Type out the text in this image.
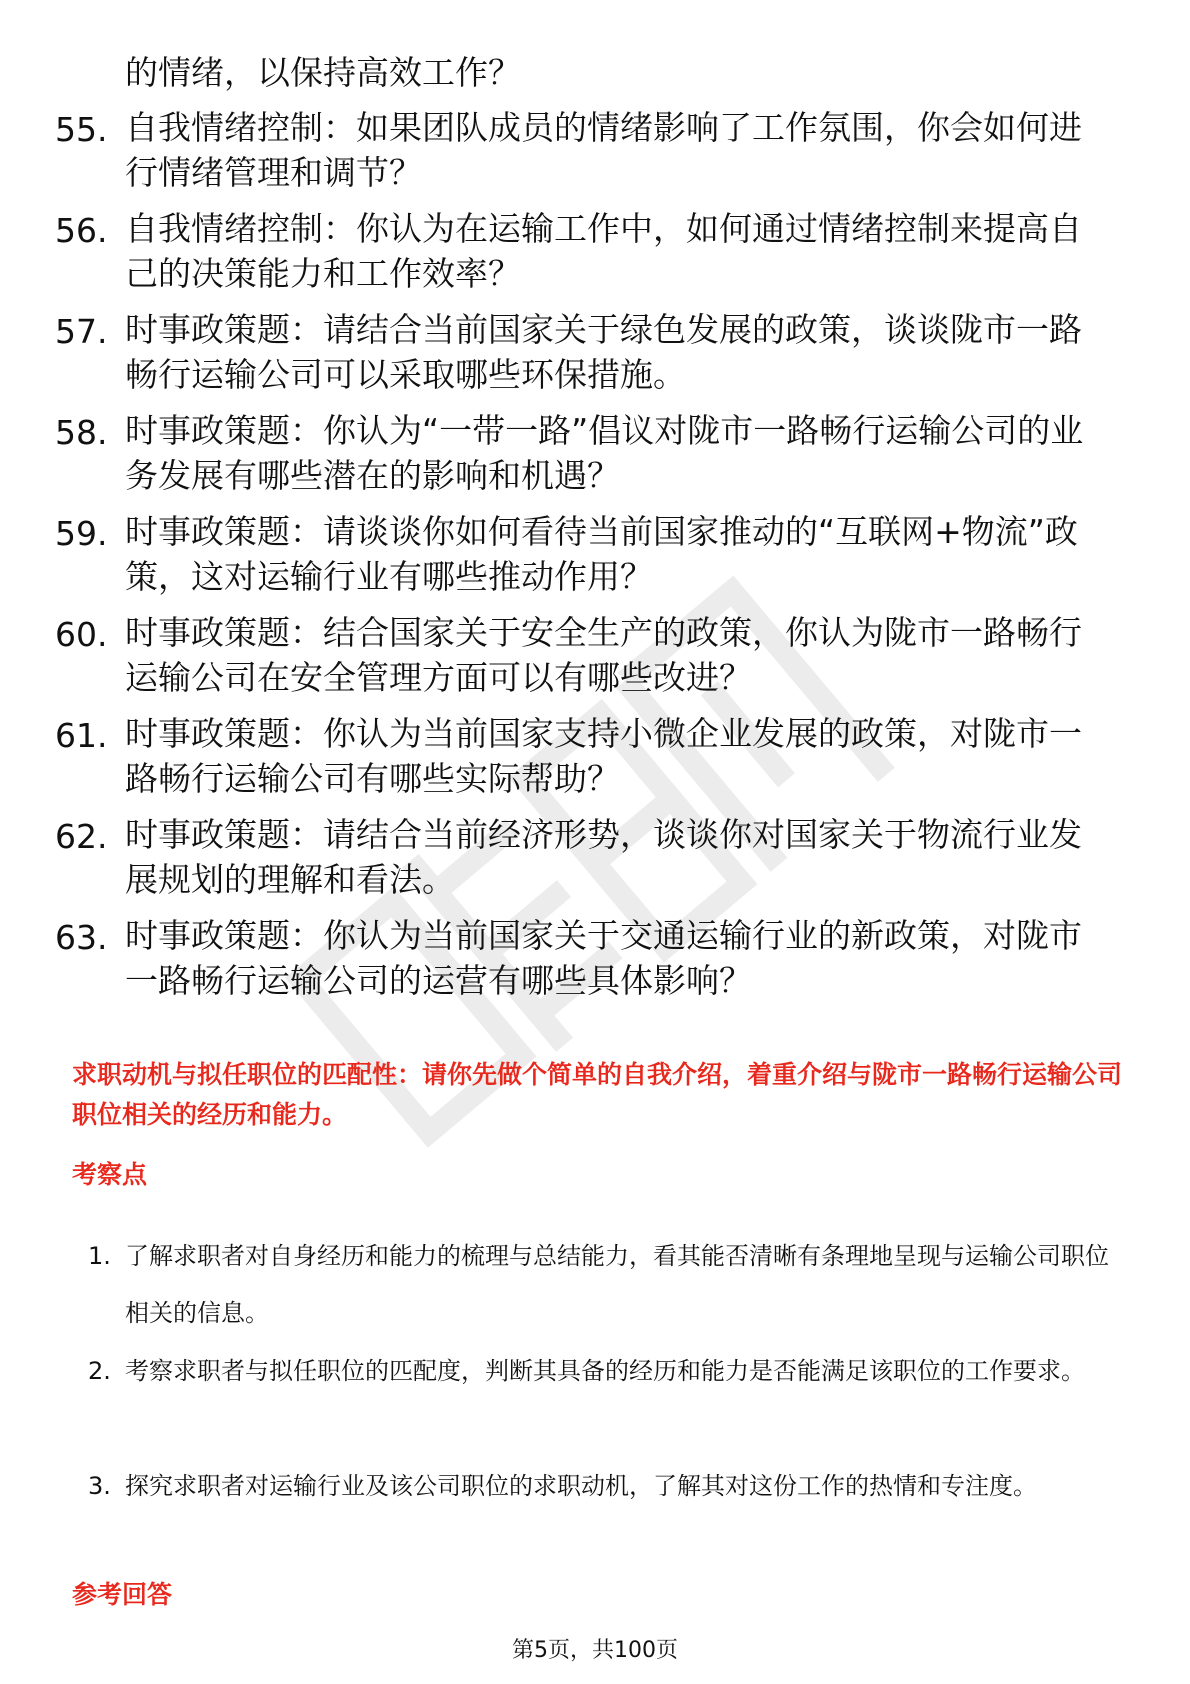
的情绪，以保持高效工作？

55. 自我情绪控制：如果团队成员的情绪影响了工作氛围，你会如何进行情绪管理和调节？
56. 自我情绪控制：你认为在运输工作中，如何通过情绪控制来提高自己的决策能力和工作效率？
57. 时事政策题：请结合当前国家关于绿色发展的政策，谈谈陇市一路畅行运输公司可以采取哪些环保措施。
58. 时事政策题：你认为“一带一路”倡议对陇市一路畅行运输公司的业务发展有哪些潜在的影响和机遇？
59. 时事政策题：请谈谈你如何看待当前国家推动的“互联网+物流”政策，这对运输行业有哪些推动作用？
60. 时事政策题：结合国家关于安全生产的政策，你认为陇市一路畅行运输公司在安全管理方面可以有哪些改进？
61. 时事政策题：你认为当前国家支持小微企业发展的政策，对陇市一路畅行运输公司有哪些实际帮助？
62. 时事政策题：请结合当前经济形势，谈谈你对国家关于物流行业发展规划的理解和看法。
63. 时事政策题：你认为当前国家关于交通运输行业的新政策，对陇市一路畅行运输公司的运营有哪些具体影响？
求职动机与拟任职位的匹配性：请你先做个简单的自我介绍，着重介绍与陇市一路畅行运输公司职位相关的经历和能力。
考察点
1. 了解求职者对自身经历和能力的梳理与总结能力，看其能否清晰有条理地呈现与运输公司职位相关的信息。
2. 考察求职者与拟任职位的匹配度，判断其具备的经历和能力是否能满足该职位的工作要求。
3. 探究求职者对运输行业及该公司职位的求职动机，了解其对这份工作的热情和专注度。
参考回答

第5页，共100页
